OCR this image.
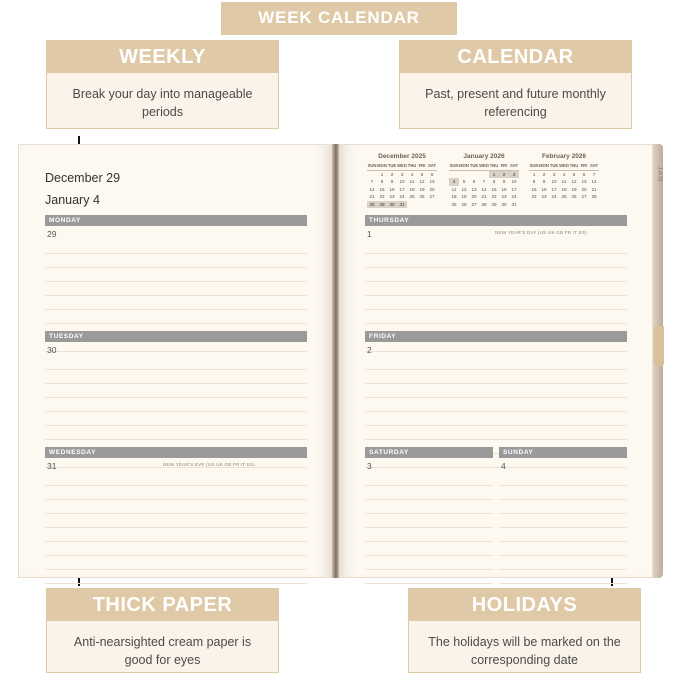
WEEK CALENDAR
WEEKLY
Break your day into manageable periods
CALENDAR
Past, present and future monthly referencing
THICK PAPER
Anti-nearsighted cream paper is good for eyes
HOLIDAYS
The holidays will be marked on the corresponding date
December 29
January 4
MONDAY
29
TUESDAY
30
WEDNESDAY
31	NEW YEAR'S EVE (US UK GB FR IT ES)
December 2025
SUN	MON	TUE	WED	THU	FRI	SAT
	1	2	3	4	5	6
7	8	9	10	11	12	13
14	15	16	17	18	19	20
21	22	23	24	25	26	27
28	29	30	31			
January 2026
SUN	MON	TUE	WED	THU	FRI	SAT
				1	2	3
4	5	6	7	8	9	10
11	12	13	14	15	16	17
18	19	20	21	22	23	24
25	26	27	28	29	30	31
February 2026
SUN	MON	TUE	WED	THU	FRI	SAT
1	2	3	4	5	6	7
8	9	10	11	12	13	14
15	16	17	18	19	20	21
22	23	24	25	26	27	28

THURSDAY
1	NEW YEAR'S DAY (US UK GB FR IT ES)
FRIDAY
2
SATURDAY
3
SUNDAY
4
JAN
